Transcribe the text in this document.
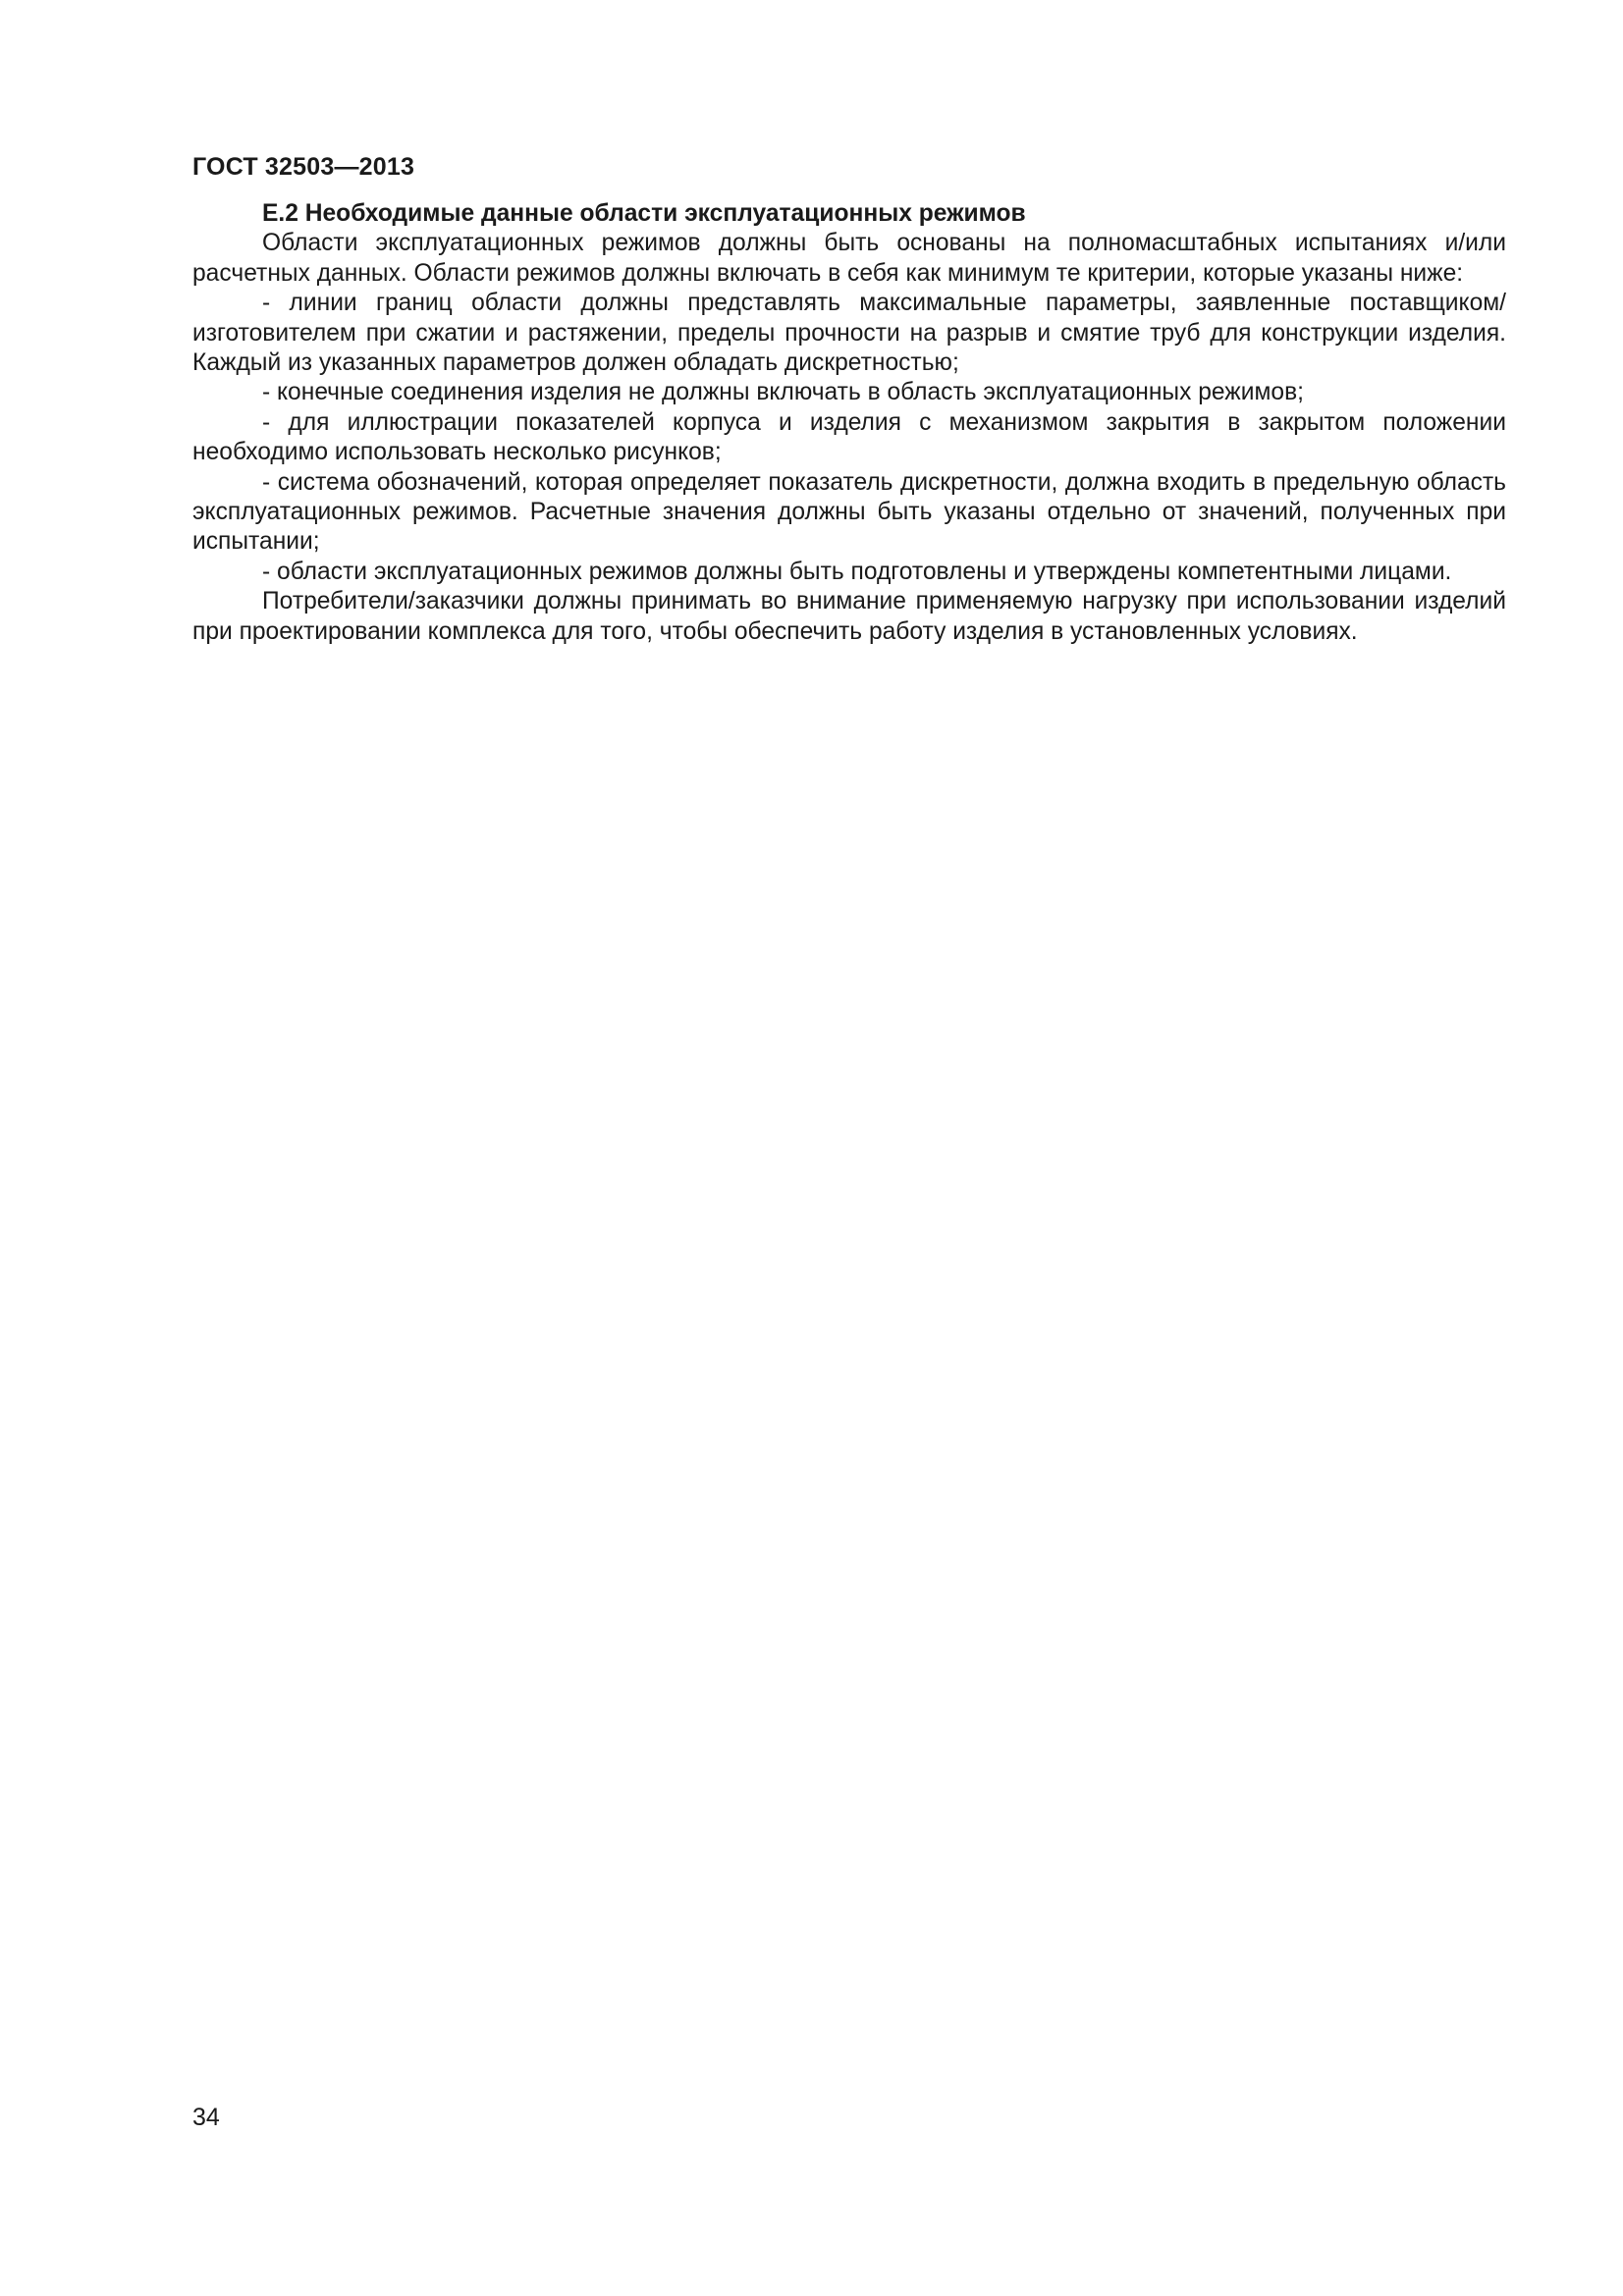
ГОСТ 32503—2013

Е.2 Необходимые данные области эксплуатационных режимов

Области эксплуатационных режимов должны быть основаны на полномасштабных испытаниях и/или расчетных данных. Области режимов должны включать в себя как минимум те критерии, которые указаны ниже:

- линии границ области должны представлять максимальные параметры, заявленные поставщиком/изготовителем при сжатии и растяжении, пределы прочности на разрыв и смятие труб для конструкции изделия. Каждый из указанных параметров должен обладать дискретностью;

- конечные соединения изделия не должны включать в область эксплуатационных режимов;

- для иллюстрации показателей корпуса и изделия с механизмом закрытия в закрытом положении необходимо использовать несколько рисунков;

- система обозначений, которая определяет показатель дискретности, должна входить в предельную область эксплуатационных режимов. Расчетные значения должны быть указаны отдельно от значений, полученных при испытании;

- области эксплуатационных режимов должны быть подготовлены и утверждены компетентными лицами.

Потребители/заказчики должны принимать во внимание применяемую нагрузку при использовании изделий при проектировании комплекса для того, чтобы обеспечить работу изделия в установленных условиях.

34
